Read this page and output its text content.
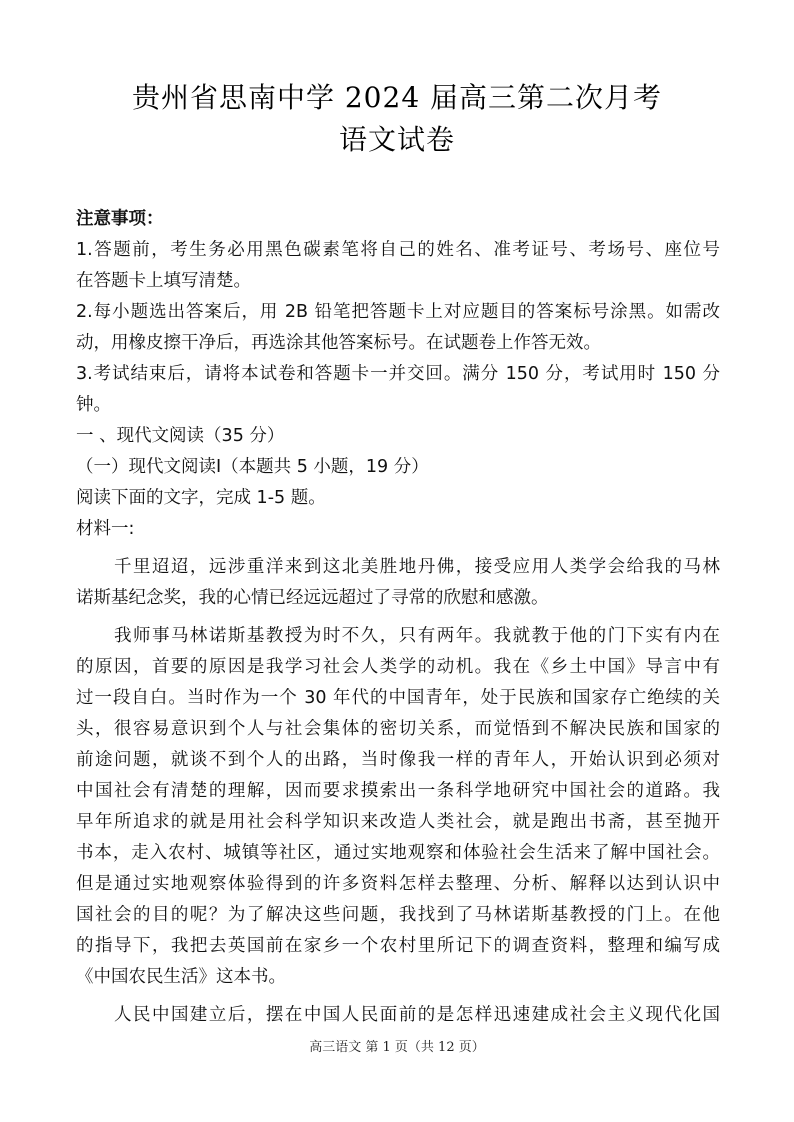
贵州省思南中学 2024 届高三第二次月考
语文试卷
注意事项：
1.答题前，考生务必用黑色碳素笔将自己的姓名、准考证号、考场号、座位号
在答题卡上填写清楚。
2.每小题选出答案后，用 2B 铅笔把答题卡上对应题目的答案标号涂黑。如需改
动，用橡皮擦干净后，再选涂其他答案标号。在试题卷上作答无效。
3.考试结束后，请将本试卷和答题卡一并交回。满分 150 分，考试用时 150 分
钟。
一 、现代文阅读（35 分）
（一）现代文阅读Ⅰ（本题共 5 小题，19 分）
阅读下面的文字，完成 1-5 题。
材料一:
千里迢迢，远涉重洋来到这北美胜地丹佛，接受应用人类学会给我的马林
诺斯基纪念奖，我的心情已经远远超过了寻常的欣慰和感激。
我师事马林诺斯基教授为时不久，只有两年。我就教于他的门下实有内在
的原因，首要的原因是我学习社会人类学的动机。我在《乡土中国》导言中有
过一段自白。当时作为一个 30 年代的中国青年，处于民族和国家存亡绝续的关
头，很容易意识到个人与社会集体的密切关系，而觉悟到不解决民族和国家的
前途问题，就谈不到个人的出路，当时像我一样的青年人，开始认识到必须对
中国社会有清楚的理解，因而要求摸索出一条科学地研究中国社会的道路。我
早年所追求的就是用社会科学知识来改造人类社会，就是跑出书斋，甚至抛开
书本，走入农村、城镇等社区，通过实地观察和体验社会生活来了解中国社会。
但是通过实地观察体验得到的许多资料怎样去整理、分析、解释以达到认识中
国社会的目的呢？为了解决这些问题，我找到了马林诺斯基教授的门上。在他
的指导下，我把去英国前在家乡一个农村里所记下的调查资料，整理和编写成
《中国农民生活》这本书。
人民中国建立后，摆在中国人民面前的是怎样迅速建成社会主义现代化国
高三语文 第 1 页（共 12 页）
